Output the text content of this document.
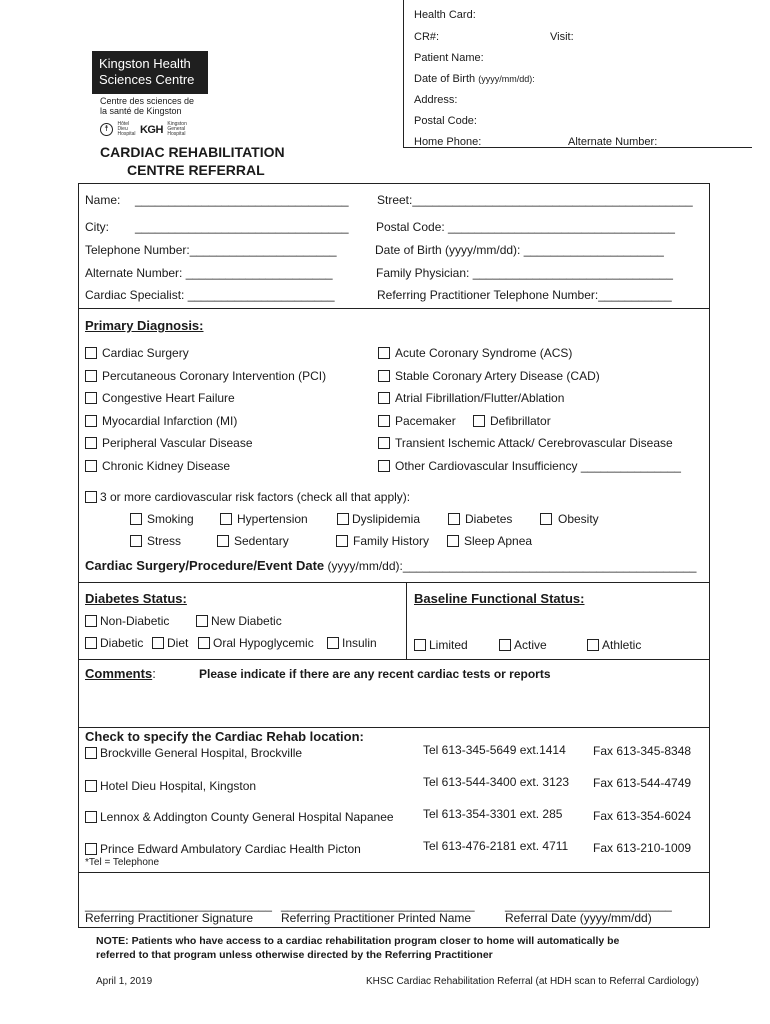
Health Card:
CR#:	Visit:
Patient Name:
Date of Birth (yyyy/mm/dd):
Address:
Postal Code:
Home Phone:	Alternate Number:
Kingston Health
Sciences Centre
Centre des sciences de
la santé de Kingston
☨ Hôtel
Dieu
Hospital KGH Kingston
General
Hospital
CARDIAC REHABILITATION
CENTRE REFERRAL
Name: ________________________________ Street:__________________________________________
City: ________________________________ Postal Code: __________________________________
Telephone Number:______________________	Date of Birth (yyyy/mm/dd): _____________________
Alternate Number: ______________________	Family Physician: ______________________________
Cardiac Specialist: ______________________	Referring Practitioner Telephone Number:___________
Primary Diagnosis:
Cardiac Surgery
Percutaneous Coronary Intervention (PCI)
Congestive Heart Failure
Myocardial Infarction (MI)
Peripheral Vascular Disease
Chronic Kidney Disease
Acute Coronary Syndrome (ACS)
Stable Coronary Artery Disease (CAD)
Atrial Fibrillation/Flutter/Ablation
Pacemaker	Defibrillator
Transient Ischemic Attack/ Cerebrovascular Disease
Other Cardiovascular Insufficiency _______________
3 or more cardiovascular risk factors (check all that apply):
Smoking	Hypertension	Dyslipidemia	Diabetes	Obesity
Stress	Sedentary	Family History	Sleep Apnea
Cardiac Surgery/Procedure/Event Date (yyyy/mm/dd):____________________________________________
Diabetes Status:	Baseline Functional Status:
Non-Diabetic	New Diabetic
Diabetic	Diet	Oral Hypoglycemic	Insulin	Limited	Active	Athletic
Comments:	Please indicate if there are any recent cardiac tests or reports
Check to specify the Cardiac Rehab location:
Brockville General Hospital, Brockville	Tel 613-345-5649 ext.1414 Fax 613-345-8348
Hotel Dieu Hospital, Kingston	Tel 613-544-3400 ext. 3123 Fax 613-544-4749
Lennox & Addington County General Hospital Napanee Tel 613-354-3301 ext. 285	Fax 613-354-6024
Prince Edward Ambulatory Cardiac Health Picton	Tel 613-476-2181 ext. 4711 Fax 613-210-1009
*Tel = Telephone
____________________________ _____________________________	_________________________
Referring Practitioner Signature Referring Practitioner Printed Name	Referral Date (yyyy/mm/dd)
NOTE: Patients who have access to a cardiac rehabilitation program closer to home will automatically be
referred to that program unless otherwise directed by the Referring Practitioner
April 1, 2019	KHSC Cardiac Rehabilitation Referral (at HDH scan to Referral Cardiology)
